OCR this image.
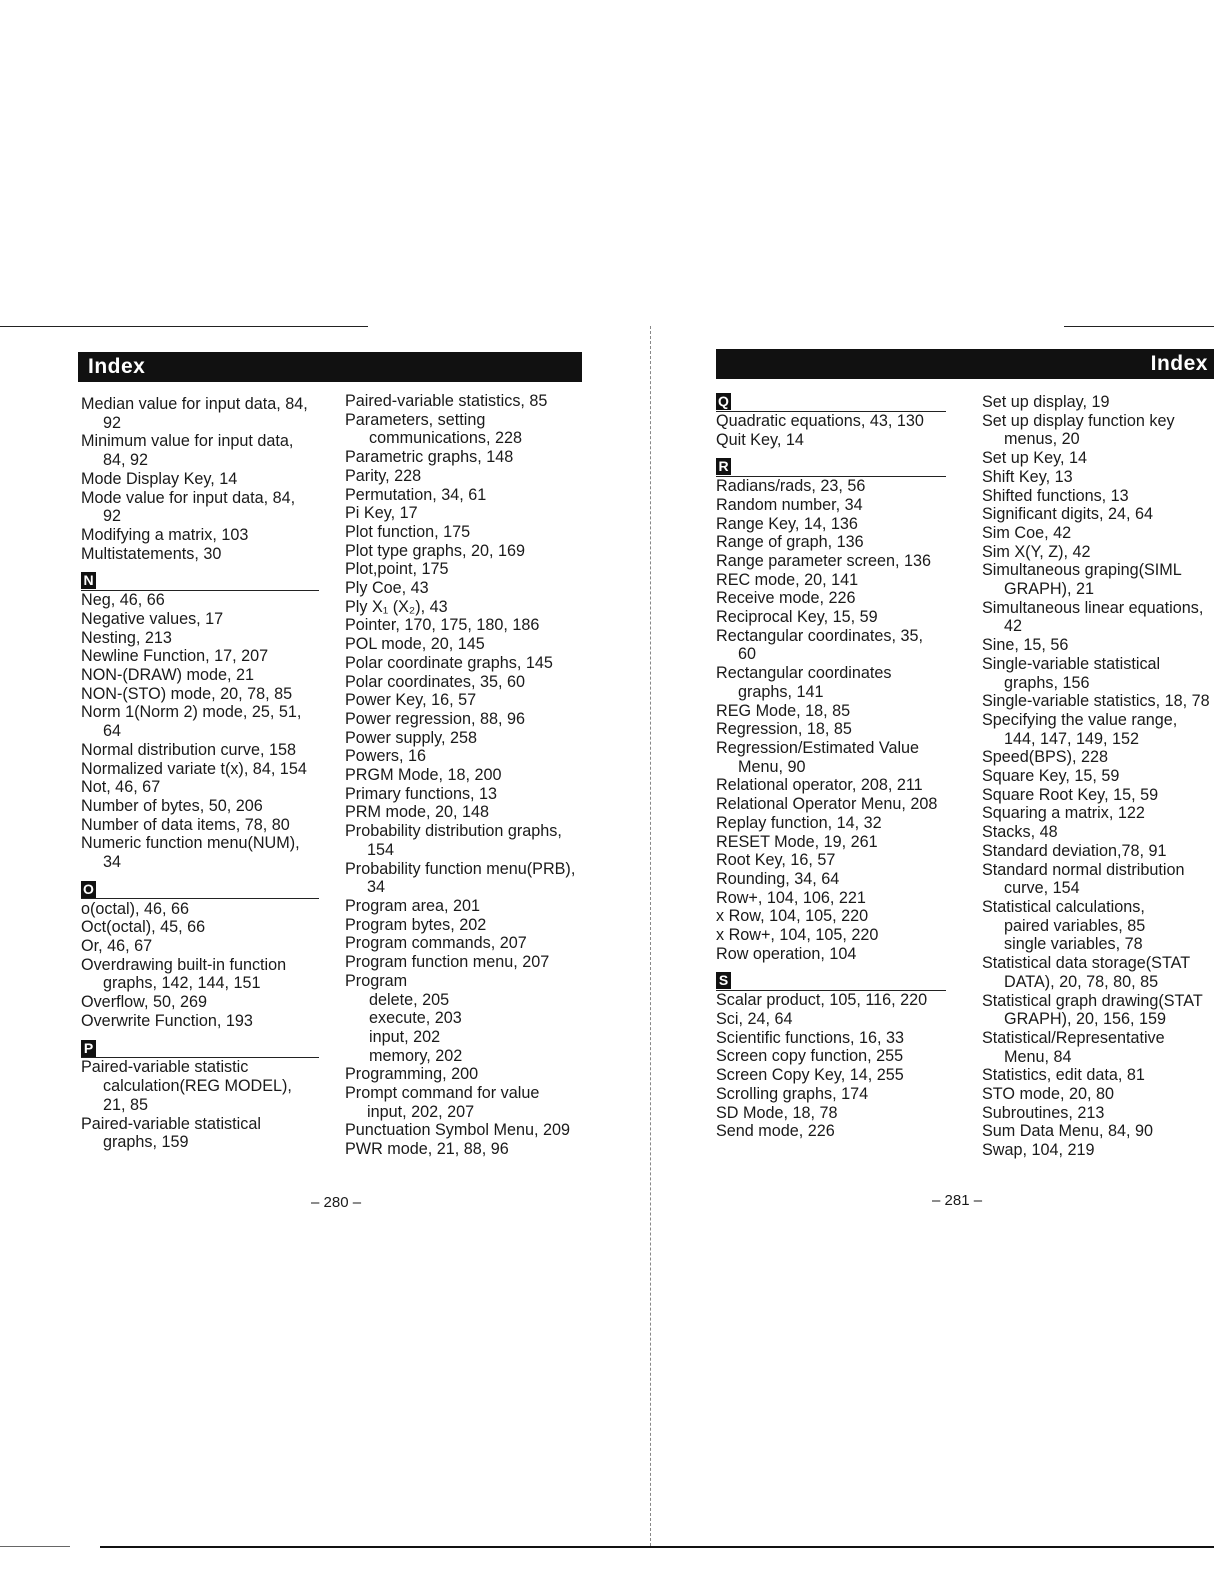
Index

Median value for input data, 84,

92

Minimum value for input data,

84, 92

Mode Display Key, 14

Mode value for input data, 84,

92

Modifying a matrix, 103

Multistatements, 30

N

Neg, 46, 66

Negative values, 17

Nesting, 213

Newline Function, 17, 207

NON-(DRAW) mode, 21

NON-(STO) mode, 20, 78, 85

Norm 1(Norm 2) mode, 25, 51,

64

Normal distribution curve, 158

Normalized variate t(x), 84, 154

Not, 46, 67

Number of bytes, 50, 206

Number of data items, 78, 80

Numeric function menu(NUM),

34

O

o(octal), 46, 66

Oct(octal), 45, 66

Or, 46, 67

Overdrawing built-in function

graphs, 142, 144, 151

Overflow, 50, 269

Overwrite Function, 193

P

Paired-variable statistic

calculation(REG MODEL),

21, 85

Paired-variable statistical

graphs, 159

Paired-variable statistics, 85

Parameters, setting

communications, 228

Parametric graphs, 148

Parity, 228

Permutation, 34, 61

Pi Key, 17

Plot function, 175

Plot type graphs, 20, 169

Plot,point, 175

Ply Coe, 43

Ply X₁ (X₂), 43

Pointer, 170, 175, 180, 186

POL mode, 20, 145

Polar coordinate graphs, 145

Polar coordinates, 35, 60

Power Key, 16, 57

Power regression, 88, 96

Power supply, 258

Powers, 16

PRGM Mode, 18, 200

Primary functions, 13

PRM mode, 20, 148

Probability distribution graphs,

154

Probability function menu(PRB),

34

Program area, 201

Program bytes, 202

Program commands, 207

Program function menu, 207

Program

delete, 205

execute, 203

input, 202

memory, 202

Programming, 200

Prompt command for value

input, 202, 207

Punctuation Symbol Menu, 209

PWR mode, 21, 88, 96

– 280 –
Index
Q

Quadratic equations, 43, 130

Quit Key, 14

R

Radians/rads, 23, 56

Random number, 34

Range Key, 14, 136

Range of graph, 136

Range parameter screen, 136

REC mode, 20, 141

Receive mode, 226

Reciprocal Key, 15, 59

Rectangular coordinates, 35,

60

Rectangular coordinates

graphs, 141

REG Mode, 18, 85

Regression, 18, 85

Regression/Estimated Value

Menu, 90

Relational operator, 208, 211

Relational Operator Menu, 208

Replay function, 14, 32

RESET Mode, 19, 261

Root Key, 16, 57

Rounding, 34, 64

Row+, 104, 106, 221

x Row, 104, 105, 220

x Row+, 104, 105, 220

Row operation, 104

S

Scalar product, 105, 116, 220

Sci, 24, 64

Scientific functions, 16, 33

Screen copy function, 255

Screen Copy Key, 14, 255

Scrolling graphs, 174

SD Mode, 18, 78

Send mode, 226

Set up display, 19

Set up display function key

menus, 20

Set up Key, 14

Shift Key, 13

Shifted functions, 13

Significant digits, 24, 64

Sim Coe, 42

Sim X(Y, Z), 42

Simultaneous graping(SIML

GRAPH), 21

Simultaneous linear equations,

42

Sine, 15, 56

Single-variable statistical

graphs, 156

Single-variable statistics, 18, 78

Specifying the value range,

144, 147, 149, 152

Speed(BPS), 228

Square Key, 15, 59

Square Root Key, 15, 59

Squaring a matrix, 122

Stacks, 48

Standard deviation,78, 91

Standard normal distribution

curve, 154

Statistical calculations,

paired variables, 85

single variables, 78

Statistical data storage(STAT

DATA), 20, 78, 80, 85

Statistical graph drawing(STAT

GRAPH), 20, 156, 159

Statistical/Representative

Menu, 84

Statistics, edit data, 81

STO mode, 20, 80

Subroutines, 213

Sum Data Menu, 84, 90

Swap, 104, 219

– 281 –
